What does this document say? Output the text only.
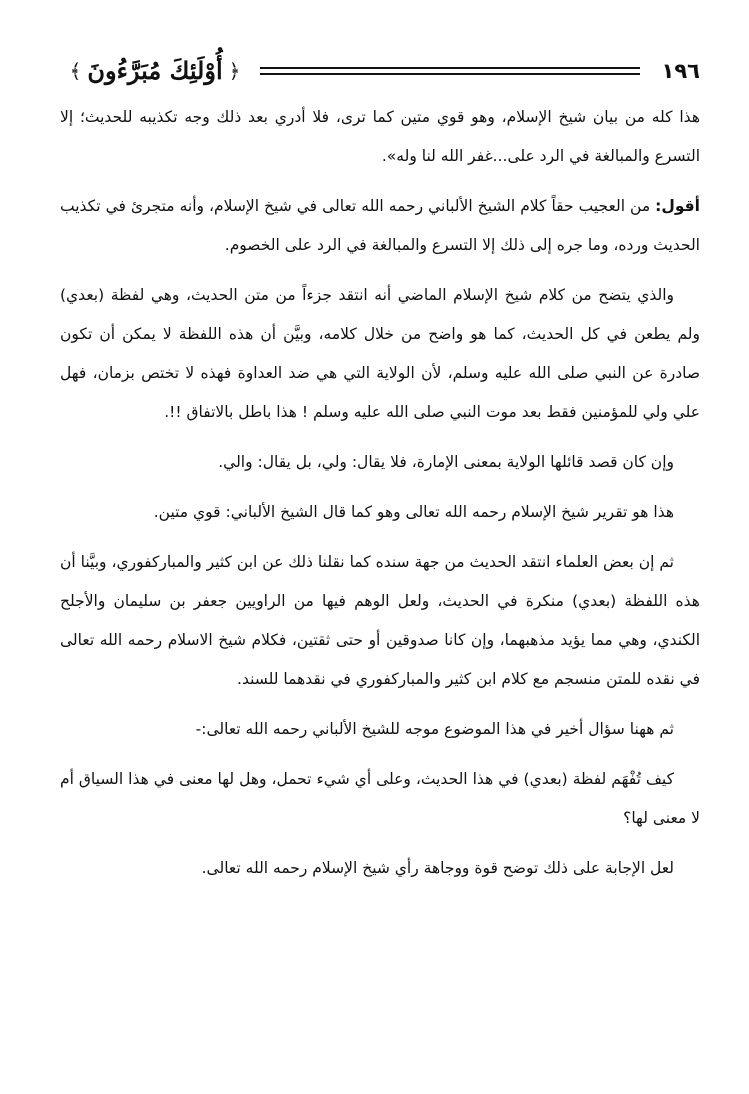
﴿
أُوْلَئِكَ مُبَرَّءُونَ
﴾	١٩٦

هذا كله من بيان شيخ الإسلام، وهو قوي متين كما ترى، فلا أدري بعد ذلك وجه تكذيبه للحديث؛ إلا التسرع والمبالغة في الرد على...غفر الله لنا وله».

أقول: من العجيب حقاً كلام الشيخ الألباني رحمه الله تعالى في شيخ الإسلام، وأنه متجرئ في تكذيب الحديث ورده، وما جره إلى ذلك إلا التسرع والمبالغة في الرد على الخصوم.

والذي يتضح من كلام شيخ الإسلام الماضي أنه انتقد جزءاً من متن الحديث، وهي لفظة (بعدي) ولم يطعن في كل الحديث، كما هو واضح من خلال كلامه، وبيَّن أن هذه اللفظة لا يمكن أن تكون صادرة عن النبي صلى الله عليه وسلم، لأن الولاية التي هي ضد العداوة فهذه لا تختص بزمان، فهل علي ولي للمؤمنين فقط بعد موت النبي صلى الله عليه وسلم ! هذا باطل بالاتفاق !!.

وإن كان قصد قائلها الولاية بمعنى الإمارة، فلا يقال: ولي، بل يقال: والي.

هذا هو تقرير شيخ الإسلام رحمه الله تعالى وهو كما قال الشيخ الألباني: قوي متين.

ثم إن بعض العلماء انتقد الحديث من جهة سنده كما نقلنا ذلك عن ابن كثير والمباركفوري، وبيَّنا أن هذه اللفظة (بعدي) منكرة في الحديث، ولعل الوهم فيها من الراويين جعفر بن سليمان والأجلح الكندي، وهي مما يؤيد مذهبهما، وإن كانا صدوقين أو حتى ثقتين، فكلام شيخ الاسلام رحمه الله تعالى في نقده للمتن منسجم مع كلام ابن كثير والمباركفوري في نقدهما للسند.

ثم ههنا سؤال أخير في هذا الموضوع موجه للشيخ الألباني رحمه الله تعالى:-

كيف تُفْهَم لفظة (بعدي) في هذا الحديث، وعلى أي شيء تحمل، وهل لها معنى في هذا السياق أم لا معنى لها؟

لعل الإجابة على ذلك توضح قوة ووجاهة رأي شيخ الإسلام رحمه الله تعالى.
